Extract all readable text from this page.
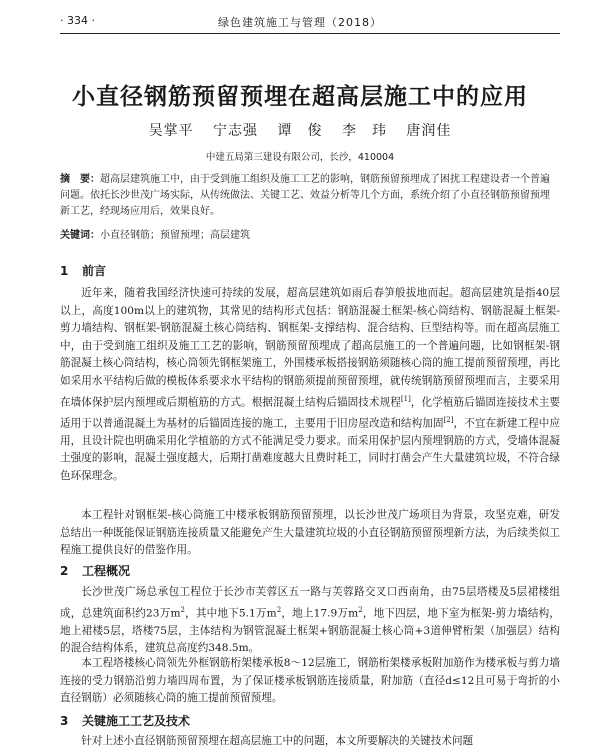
· 334 ·	绿色建筑施工与管理（2018）
小直径钢筋预留预埋在超高层施工中的应用
吴掌平 宁志强 谭　俊 李　玮 唐润佳
中建五局第三建设有限公司，长沙，410004
摘　要：超高层建筑施工中，由于受到施工组织及施工工艺的影响，钢筋预留预埋成了困扰工程建设者一个普遍问题。依托长沙世茂广场实际，从传统做法、关键工艺、效益分析等几个方面，系统介绍了小直径钢筋预留预埋新工艺，经现场应用后，效果良好。
关键词：小直径钢筋；预留预埋；高层建筑
1 前言
近年来，随着我国经济快速可持续的发展，超高层建筑如雨后春笋般拔地而起。超高层建筑是指40层以上，高度100m以上的建筑物，其常见的结构形式包括：钢筋混凝土框架-核心筒结构、钢筋混凝土框架-剪力墙结构、钢框架-钢筋混凝土核心筒结构、钢框架-支撑结构、混合结构、巨型结构等。而在超高层施工中，由于受到施工组织及施工工艺的影响，钢筋预留预埋成了超高层施工的一个普遍问题，比如钢框架-钢筋混凝土核心筒结构，核心筒领先钢框架施工，外围楼承板搭接钢筋须随核心筒的施工提前预留预埋，再比如采用水平结构后做的模板体系要求水平结构的钢筋须提前预留预埋，就传统钢筋预留预埋而言，主要采用在墙体保护层内预埋或后期植筋的方式。根据混凝土结构后锚固技术规程[1]，化学植筋后锚固连接技术主要适用于以普通混凝土为基材的后锚固连接的施工，主要用于旧房屋改造和结构加固[2]，不宜在新建工程中应用，且设计院也明确采用化学植筋的方式不能满足受力要求。而采用保护层内预埋钢筋的方式，受墙体混凝土强度的影响，混凝土强度越大，后期打凿难度越大且费时耗工，同时打凿会产生大量建筑垃圾，不符合绿色环保理念。
本工程针对钢框架-核心筒施工中楼承板钢筋预留预埋，以长沙世茂广场项目为背景，攻坚克难，研发总结出一种既能保证钢筋连接质量又能避免产生大量建筑垃圾的小直径钢筋预留预埋新方法，为后续类似工程施工提供良好的借鉴作用。
2 工程概况
长沙世茂广场总承包工程位于长沙市芙蓉区五一路与芙蓉路交叉口西南角，由75层塔楼及5层裙楼组成，总建筑面积约23万$m^2$，其中地下5.1万$m^2$，地上17.9万$m^2$，地下四层，地下室为框架-剪力墙结构，地上裙楼5层，塔楼75层，主体结构为钢管混凝土框架+钢筋混凝土核心筒+3道伸臂桁架（加强层）结构的混合结构体系，建筑总高度约348.5m。
本工程塔楼核心筒领先外框钢筋桁架楼承板8～12层施工，钢筋桁架楼承板附加筋作为楼承板与剪力墙连接的受力钢筋沿剪力墙四周布置，为了保证楼承板钢筋连接质量，附加筋（直径d≤12且可易于弯折的小直径钢筋）必须随核心筒的施工提前预留预埋。
3 关键施工工艺及技术
针对上述小直径钢筋预留预埋在超高层施工中的问题，本文所要解决的关键技术问题
